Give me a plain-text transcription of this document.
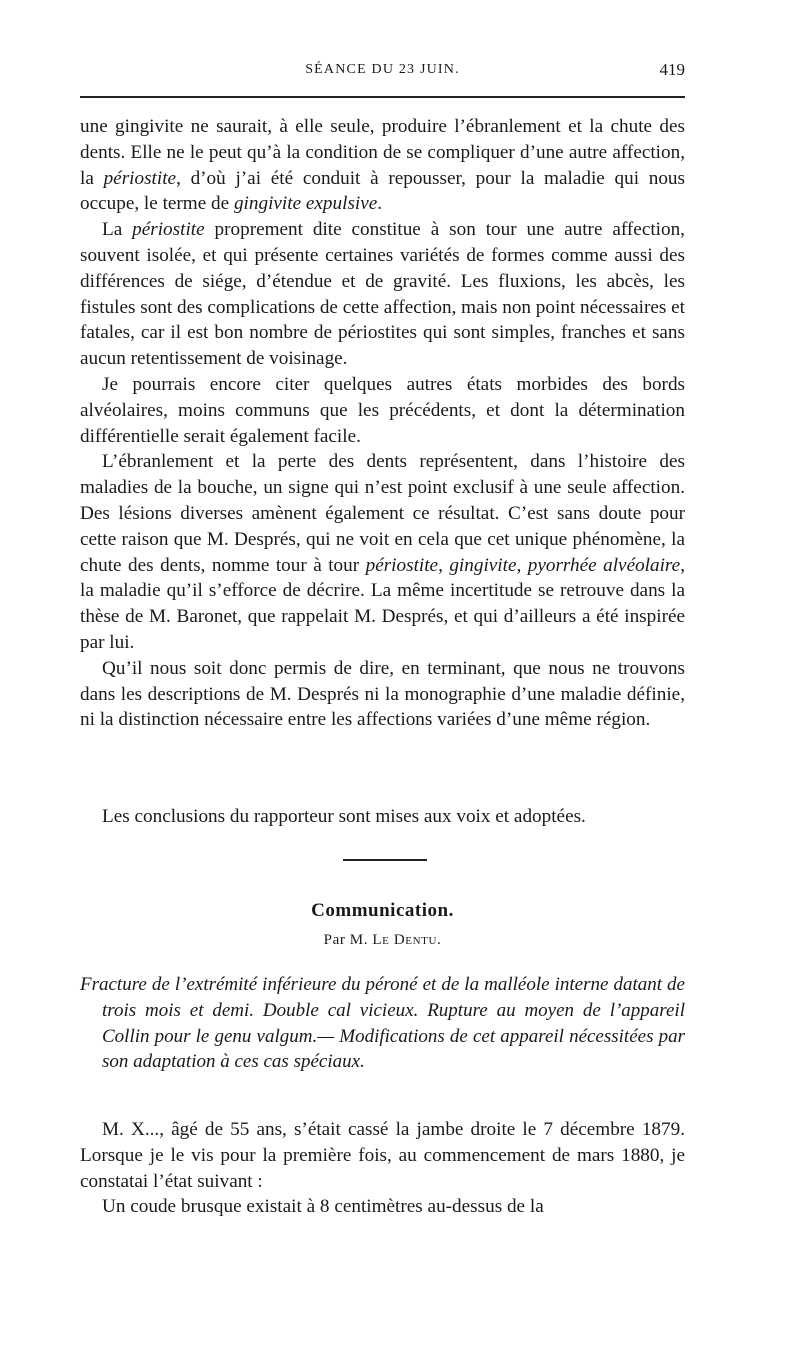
SÉANCE DU 23 JUIN.	419

une gingivite ne saurait, à elle seule, produire l’ébranlement et la chute des dents. Elle ne le peut qu’à la condition de se compliquer d’une autre affection, la périostite, d’où j’ai été conduit à repousser, pour la maladie qui nous occupe, le terme de gingivite expulsive.

La périostite proprement dite constitue à son tour une autre affection, souvent isolée, et qui présente certaines variétés de formes comme aussi des différences de siége, d’étendue et de gravité. Les fluxions, les abcès, les fistules sont des complications de cette affection, mais non point nécessaires et fatales, car il est bon nombre de périostites qui sont simples, franches et sans aucun retentissement de voisinage.

Je pourrais encore citer quelques autres états morbides des bords alvéolaires, moins communs que les précédents, et dont la détermination différentielle serait également facile.

L’ébranlement et la perte des dents représentent, dans l’histoire des maladies de la bouche, un signe qui n’est point exclusif à une seule affection. Des lésions diverses amènent également ce résultat. C’est sans doute pour cette raison que M. Després, qui ne voit en cela que cet unique phénomène, la chute des dents, nomme tour à tour périostite, gingivite, pyorrhée alvéolaire, la maladie qu’il s’efforce de décrire. La même incertitude se retrouve dans la thèse de M. Baronet, que rappelait M. Després, et qui d’ailleurs a été inspirée par lui.

Qu’il nous soit donc permis de dire, en terminant, que nous ne trouvons dans les descriptions de M. Després ni la monographie d’une maladie définie, ni la distinction nécessaire entre les affections variées d’une même région.

Les conclusions du rapporteur sont mises aux voix et adoptées.

Communication.
Par M. Le Dentu.
Fracture de l’extrémité inférieure du péroné et de la malléole interne datant de trois mois et demi. Double cal vicieux. Rupture au moyen de l’appareil Collin pour le genu valgum.— Modifications de cet appareil nécessitées par son adaptation à ces cas spéciaux.

M. X..., âgé de 55 ans, s’était cassé la jambe droite le 7 décembre 1879. Lorsque je le vis pour la première fois, au commencement de mars 1880, je constatai l’état suivant :

Un coude brusque existait à 8 centimètres au-dessus de la
